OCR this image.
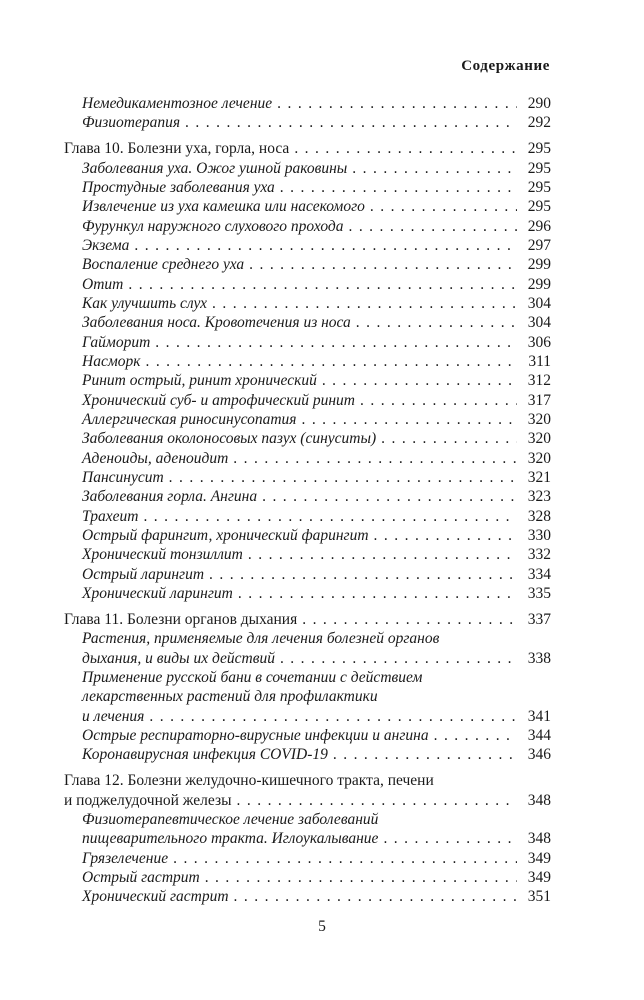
Содержание
Немедикаментозное лечение . . .	290
Физиотерапия . . .	292
Глава 10. Болезни уха, горла, носа . . .	295
Заболевания уха. Ожог ушной раковины . . .	295
Простудные заболевания уха . . .	295
Извлечение из уха камешка или насекомого . . .	295
Фурункул наружного слухового прохода . . .	296
Экзема . . .	297
Воспаление среднего уха . . .	299
Отит . . .	299
Как улучшить слух . . .	304
Заболевания носа. Кровотечения из носа . . .	304
Гайморит . . .	306
Насморк . . .	311
Ринит острый, ринит хронический . . .	312
Хронический суб- и атрофический ринит . . .	317
Аллергическая риносинусопатия . . .	320
Заболевания околоносовых пазух (синуситы) . . .	320
Аденоиды, аденоидит . . .	320
Пансинусит . . .	321
Заболевания горла. Ангина . . .	323
Трахеит . . .	328
Острый фарингит, хронический фарингит . . .	330
Хронический тонзиллит . . .	332
Острый ларингит . . .	334
Хронический ларингит . . .	335
Глава 11. Болезни органов дыхания . . .	337
Растения, применяемые для лечения болезней органов
дыхания, и виды их действий . . .	338
Применение русской бани в сочетании с действием
лекарственных растений для профилактики
и лечения . . .	341
Острые респираторно-вирусные инфекции и ангина . . .	344
Коронавирусная инфекция COVID-19 . . .	346
Глава 12. Болезни желудочно-кишечного тракта, печени
и поджелудочной железы . . .	348
Физиотерапевтическое лечение заболеваний
пищеварительного тракта. Иглоукалывание . . .	348
Грязелечение . . .	349
Острый гастрит . . .	349
Хронический гастрит . . .	351
5
